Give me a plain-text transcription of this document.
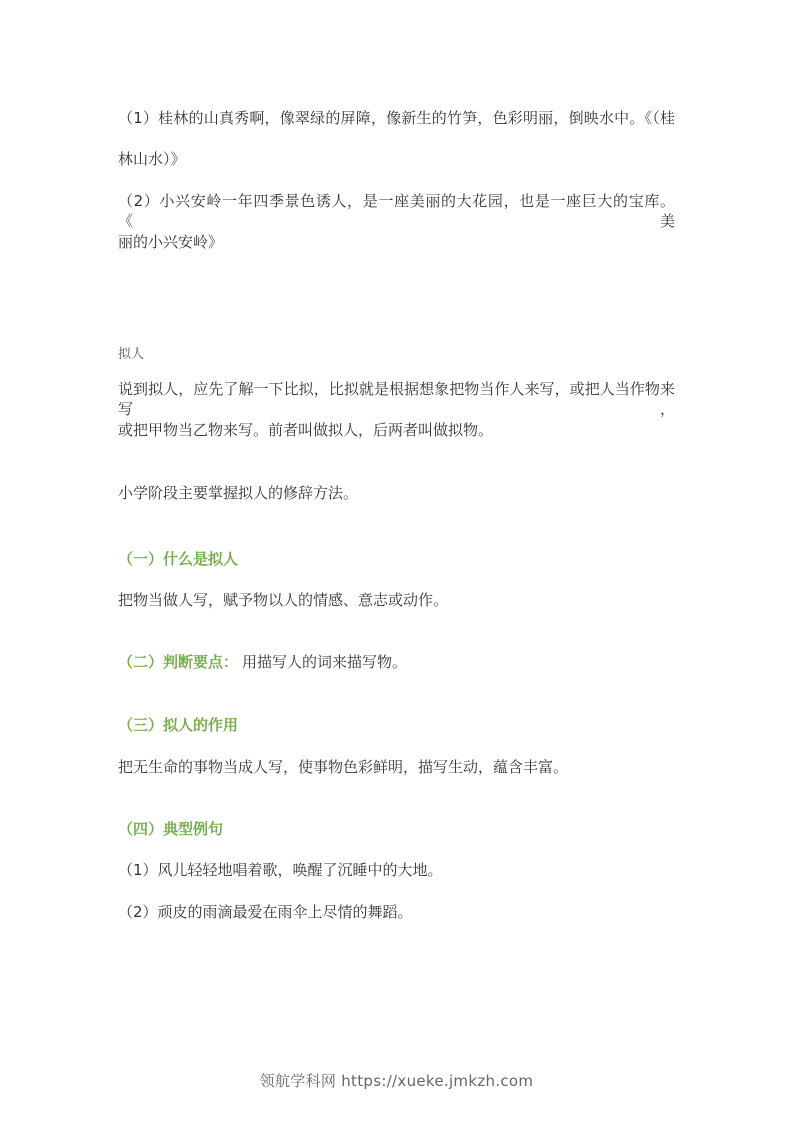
（1）桂林的山真秀啊，像翠绿的屏障，像新生的竹笋，色彩明丽，倒映水中。《（桂
林山水）》
（2）小兴安岭一年四季景色诱人，是一座美丽的大花园，也是一座巨大的宝库。《美
丽的小兴安岭》
拟人
说到拟人，应先了解一下比拟，比拟就是根据想象把物当作人来写，或把人当作物来写，
或把甲物当乙物来写。前者叫做拟人，后两者叫做拟物。
小学阶段主要掌握拟人的修辞方法。
（一）什么是拟人
把物当做人写，赋予物以人的情感、意志或动作。
（二）判断要点： 用描写人的词来描写物。
（三）拟人的作用
把无生命的事物当成人写，使事物色彩鲜明，描写生动，蕴含丰富。
（四）典型例句
（1）风儿轻轻地唱着歌，唤醒了沉睡中的大地。
（2）顽皮的雨滴最爱在雨伞上尽情的舞蹈。
领航学科网 https://xueke.jmkzh.com
